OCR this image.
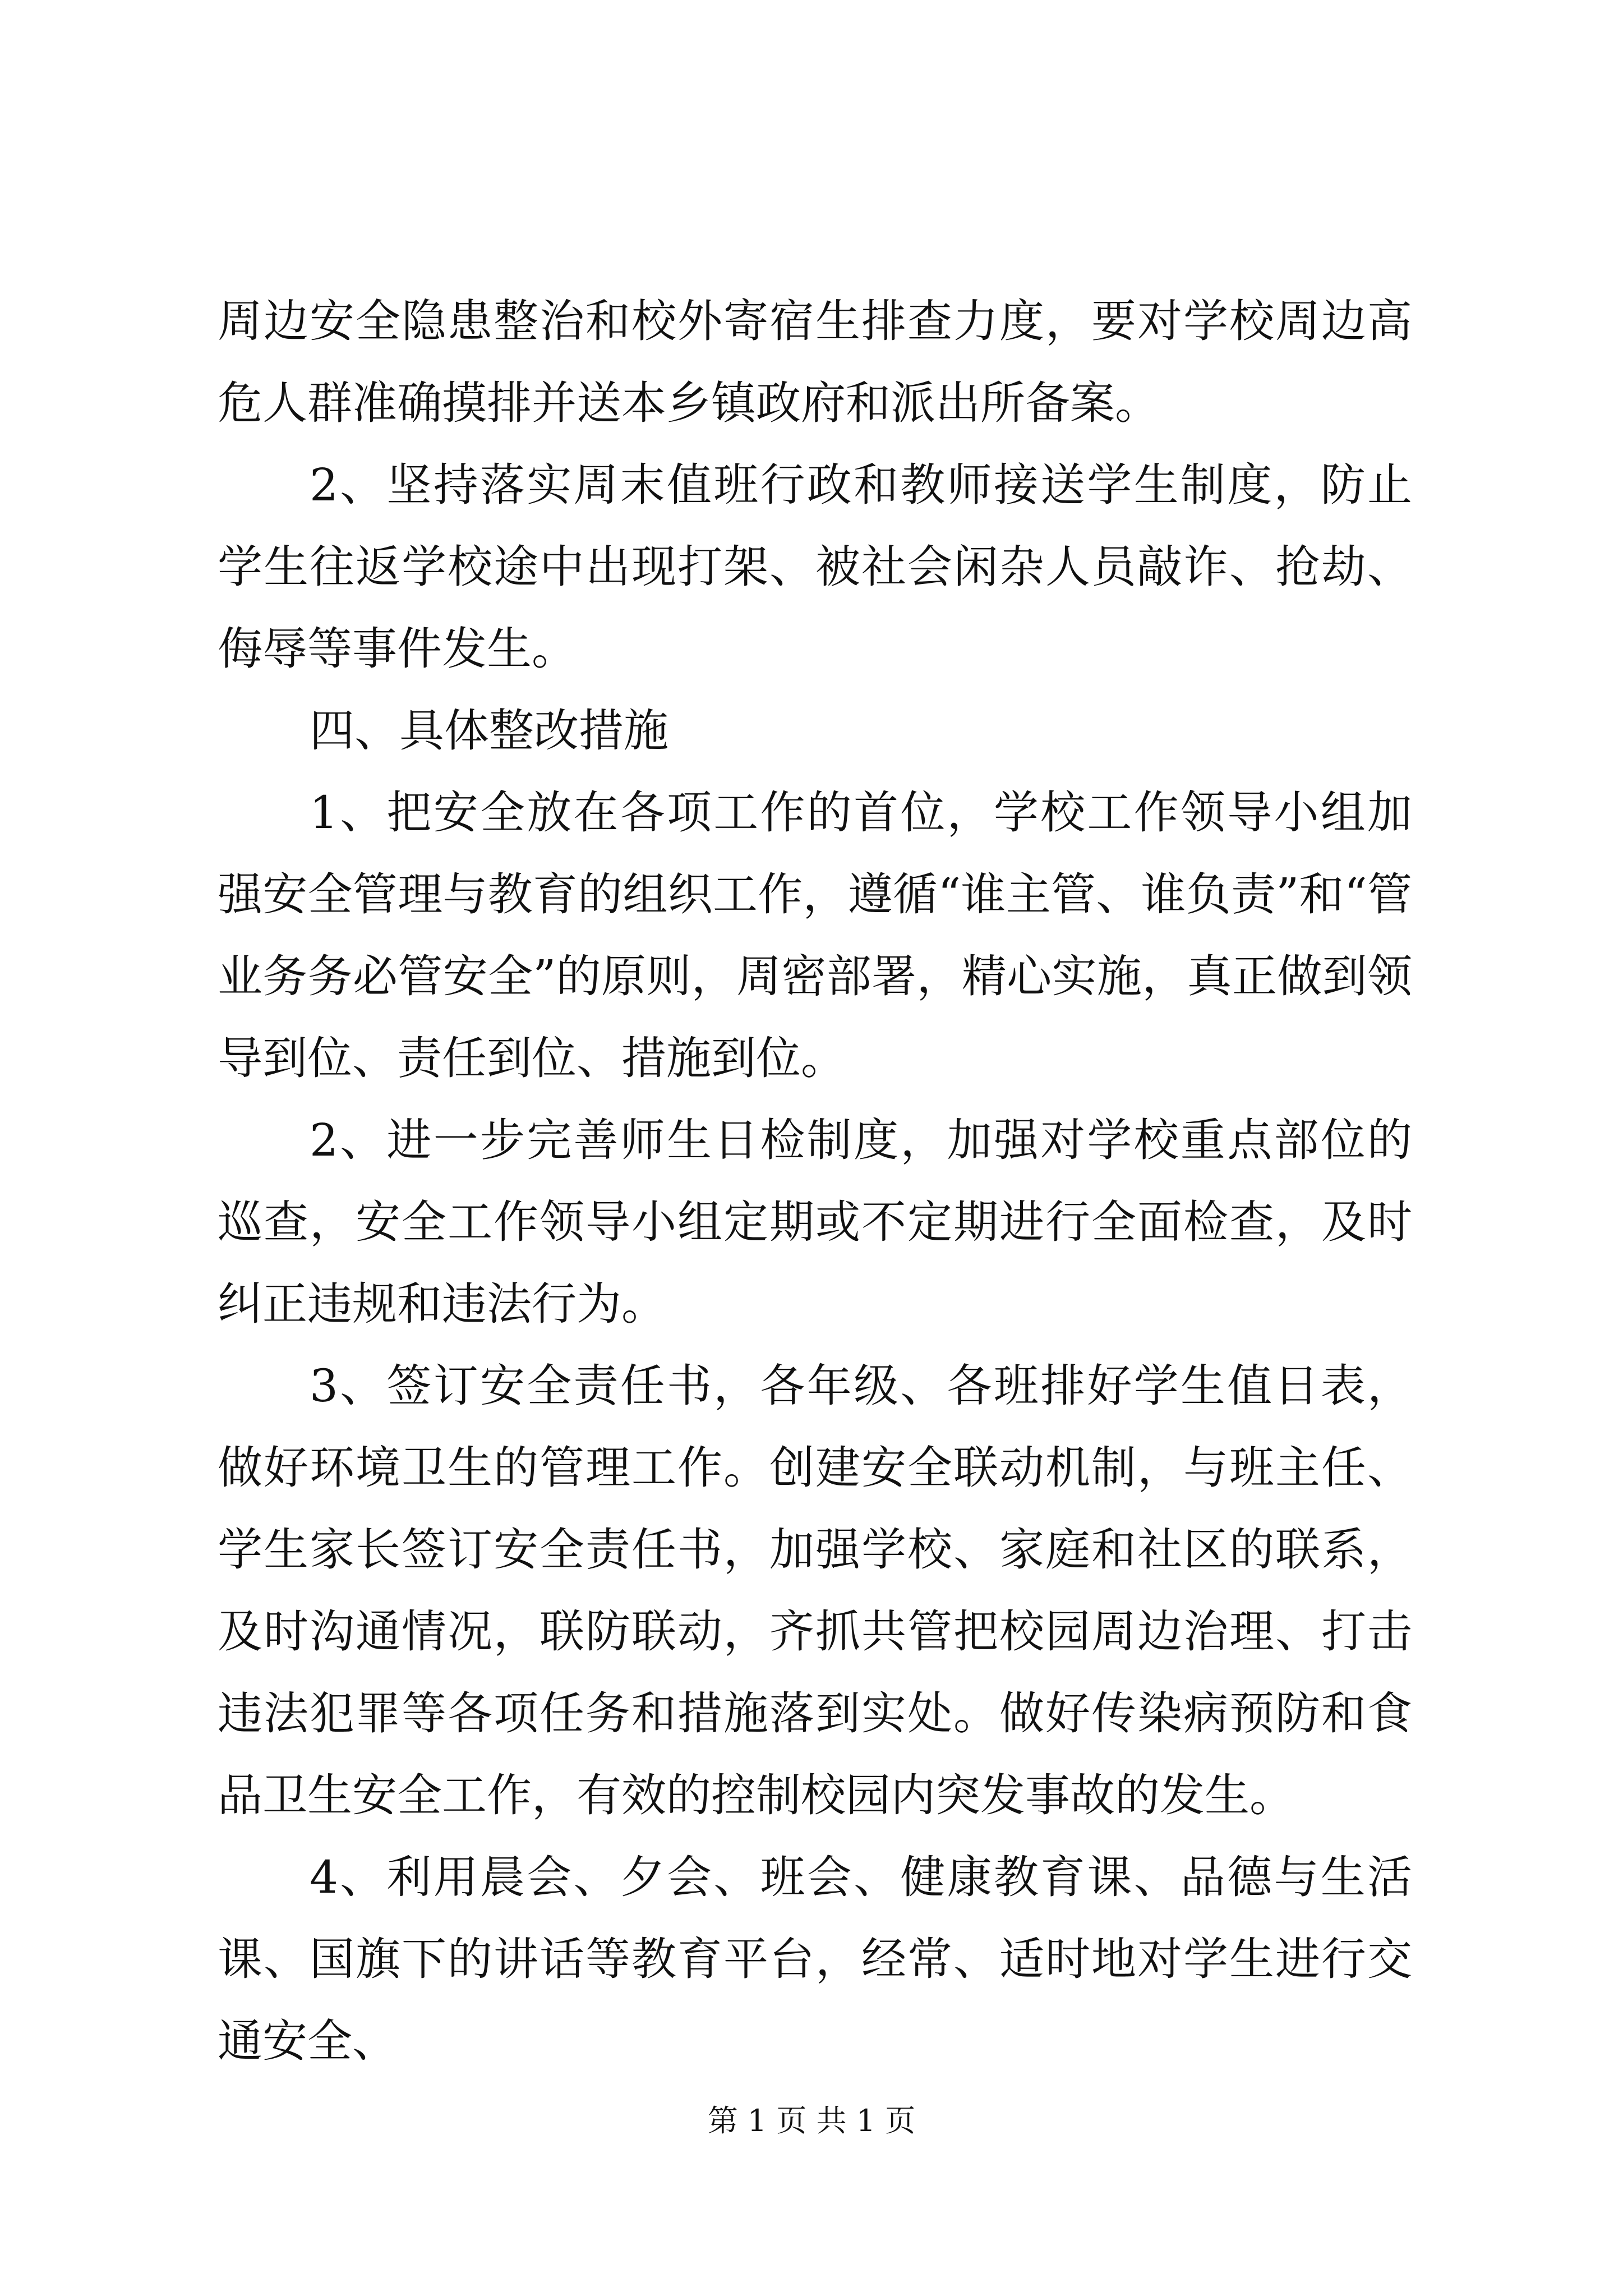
周边安全隐患整治和校外寄宿生排查力度，要对学校周边高危人群准确摸排并送本乡镇政府和派出所备案。

2、坚持落实周末值班行政和教师接送学生制度，防止学生往返学校途中出现打架、被社会闲杂人员敲诈、抢劫、侮辱等事件发生。

四、具体整改措施

1、把安全放在各项工作的首位，学校工作领导小组加强安全管理与教育的组织工作，遵循“谁主管、谁负责”和“管业务务必管安全”的原则，周密部署，精心实施，真正做到领导到位、责任到位、措施到位。

2、进一步完善师生日检制度，加强对学校重点部位的巡查，安全工作领导小组定期或不定期进行全面检查，及时纠正违规和违法行为。

3、签订安全责任书，各年级、各班排好学生值日表，做好环境卫生的管理工作。创建安全联动机制，与班主任、学生家长签订安全责任书，加强学校、家庭和社区的联系，及时沟通情况，联防联动，齐抓共管把校园周边治理、打击违法犯罪等各项任务和措施落到实处。做好传染病预防和食品卫生安全工作，有效的控制校园内突发事故的发生。

4、利用晨会、夕会、班会、健康教育课、品德与生活课、国旗下的讲话等教育平台，经常、适时地对学生进行交通安全、

第 1 页 共 1 页
